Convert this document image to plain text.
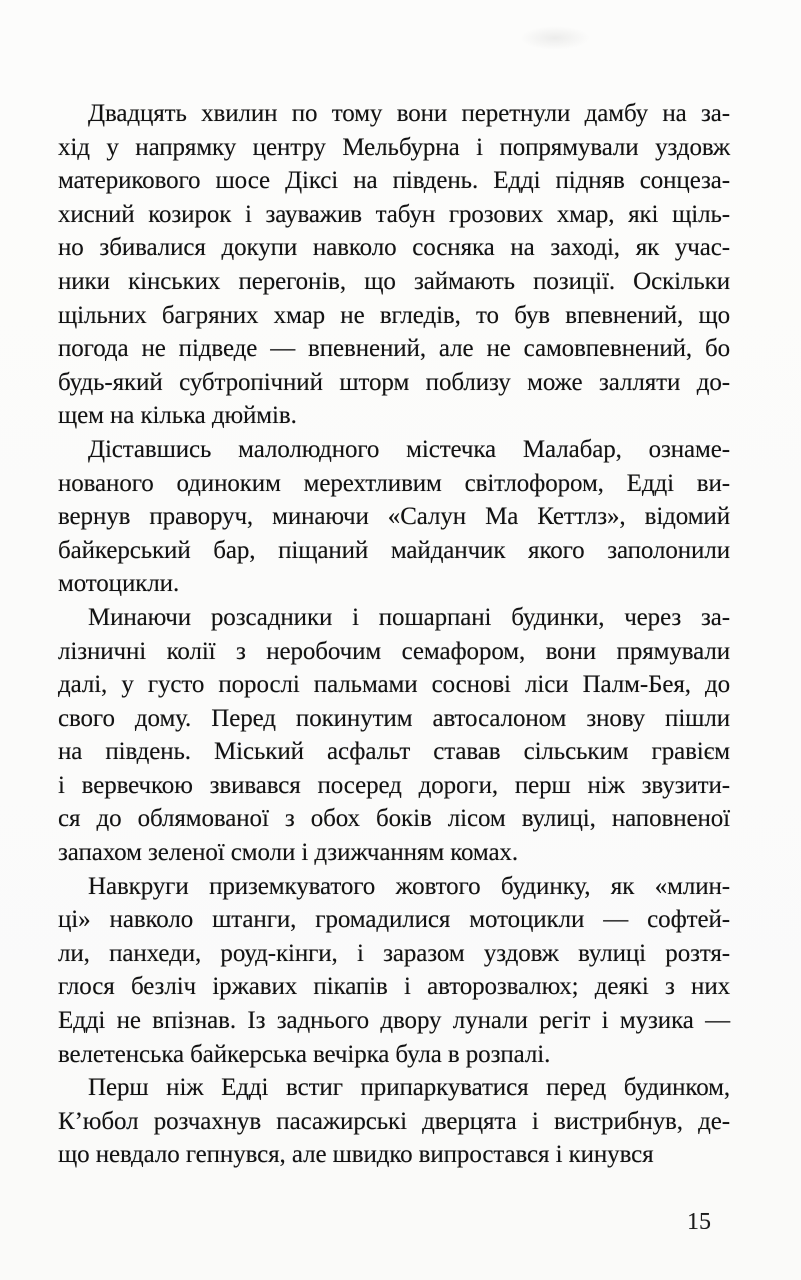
Двадцять хвилин по тому вони перетнули дамбу на за-
хід у напрямку центру Мельбурна і попрямували уздовж
материкового шосе Діксі на південь. Едді підняв сонцеза-
хисний козирок і зауважив табун грозових хмар, які щіль-
но збивалися докупи навколо сосняка на заході, як учас-
ники кінських перегонів, що займають позиції. Оскільки
щільних багряних хмар не вгледів, то був впевнений, що
погода не підведе — впевнений, але не самовпевнений, бо
будь-який субтропічний шторм поблизу може залляти до-
щем на кілька дюймів.

Діставшись малолюдного містечка Малабар, ознаме-
нованого одиноким мерехтливим світлофором, Едді ви-
вернув праворуч, минаючи «Салун Ма Кеттлз», відомий
байкерський бар, піщаний майданчик якого заполонили
мотоцикли.

Минаючи розсадники і пошарпані будинки, через за-
лізничні колії з неробочим семафором, вони прямували
далі, у густо порослі пальмами соснові ліси Палм-Бея, до
свого дому. Перед покинутим автосалоном знову пішли
на південь. Міський асфальт ставав сільським гравієм
і вервечкою звивався посеред дороги, перш ніж звузити-
ся до облямованої з обох боків лісом вулиці, наповненої
запахом зеленої смоли і дзижчанням комах.

Навкруги приземкуватого жовтого будинку, як «млин-
ці» навколо штанги, громадилися мотоцикли — софтей-
ли, панхеди, роуд-кінги, і заразом уздовж вулиці розтя-
глося безліч іржавих пікапів і авторозвалюх; деякі з них
Едді не впізнав. Із заднього двору лунали регіт і музика —
велетенська байкерська вечірка була в розпалі.

Перш ніж Едді встиг припаркуватися перед будинком,
К’юбол розчахнув пасажирські дверцята і вистрибнув, де-
що невдало гепнувся, але швидко випростався і кинувся

15
